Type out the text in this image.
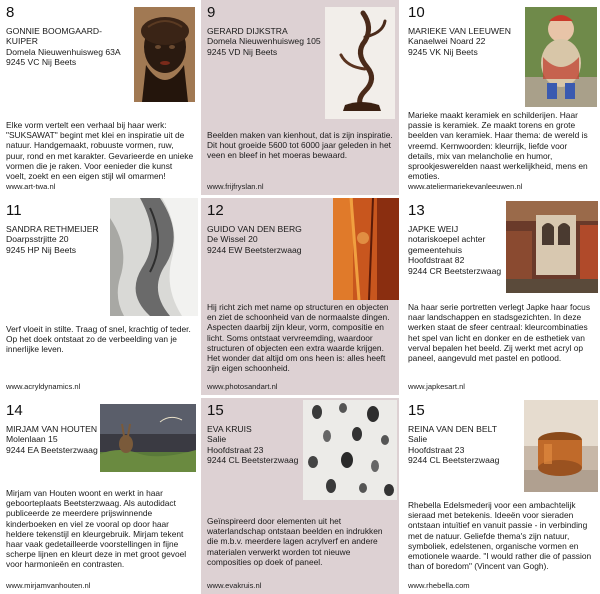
8
GONNIE BOOMGAARD-KUIPER
Domela Nieuwenhuisweg 63A
9245 VC Nij Beets
Elke vorm vertelt een verhaal bij haar werk: "SUKSAWAT" begint met klei en inspiratie uit de natuur. Handgemaakt, robuuste vormen, ruw, puur, rond en met karakter. Gevarieerde en unieke vormen die je raken. Voor eenieder die kunst voelt, zoekt en een eigen stijl wil omarmen!
www.art-twa.nl
9
GERARD DIJKSTRA
Domela Nieuwenhuisweg 105
9245 VD Nij Beets
Beelden maken van kienhout, dat is zijn inspiratie. Dit hout groeide 5600 tot 6000 jaar geleden in het veen en bleef in het moeras bewaard.
www.frijfryslan.nl
10
MARIEKE VAN LEEUWEN
Kanaelwei Noard 22
9245 VK Nij Beets
Marieke maakt keramiek en schilderijen. Haar passie is keramiek. Ze maakt torens en grote beelden van keramiek. Haar thema: de wereld is vreemd. Kernwoorden: kleurrijk, liefde voor details, mix van melancholie en humor, sprookjeswerelden naast werkelijkheid, mens en emoties.
www.ateliermariekevanleeuwen.nl
11
SANDRA RETHMEIJER
Doarpsstrjitte 20
9245 HP Nij Beets
Verf vloeit in stilte. Traag of snel, krachtig of teder. Op het doek ontstaat zo de verbeelding van je innerlijke leven.
www.acryldynamics.nl
12
GUIDO VAN DEN BERG
De Wissel 20
9244 EW Beetsterzwaag
Hij richt zich met name op structuren en objecten en ziet de schoonheid van de normaalste dingen. Aspecten daarbij zijn kleur, vorm, compositie en licht. Soms ontstaat vervreemding, waardoor structuren of objecten een extra waarde krijgen. Het wonder dat altijd om ons heen is: alles heeft zijn eigen schoonheid.
www.photosandart.nl
13
JAPKE WEIJ
notariskoepel achter gemeentehuis
Hoofdstraat 82
9244 CR Beetsterzwaag
Na haar serie portretten verlegt Japke haar focus naar landschappen en stadsgezichten. In deze werken staat de sfeer centraal: kleurcombinaties het spel van licht en donker en de esthetiek van verval bepalen het beeld. Zij werkt met acryl op paneel, aangevuld met pastel en potlood.
www.japkesart.nl
14
MIRJAM VAN HOUTEN
Molenlaan 15
9244 EA Beetsterzwaag
Mirjam van Houten woont en werkt in haar geboorteplaats Beetsterzwaag. Als autodidact publiceerde ze meerdere prijswinnende kinderboeken en viel ze vooral op door haar heldere tekenstijl en kleurgebruik. Mirjam tekent haar vaak gedetailleerde voorstellingen in fijne scherpe lijnen en kleurt deze in met groot gevoel voor harmonieën en contrasten.
www.mirjamvanhouten.nl
15
EVA KRUIS
Salie
Hoofdstraat 23
9244 CL Beetsterzwaag
Geïnspireerd door elementen uit het waterlandschap ontstaan beelden en indrukken die m.b.v. meerdere lagen acrylverf en andere materialen verwerkt worden tot nieuwe composities op doek of paneel.
www.evakruis.nl
15
REINA VAN DEN BELT
Salie
Hoofdstraat 23
9244 CL Beetsterzwaag
Rhebella Edelsmederij voor een ambachtelijk sieraad met betekenis. Ideeën voor sieraden ontstaan intuïtief en vanuit passie - in verbinding met de natuur. Geliefde thema's zijn natuur, symboliek, edelstenen, organische vormen en emotionele waarde. "I would rather die of passion than of boredom" (Vincent van Gogh).
www.rhebella.com
